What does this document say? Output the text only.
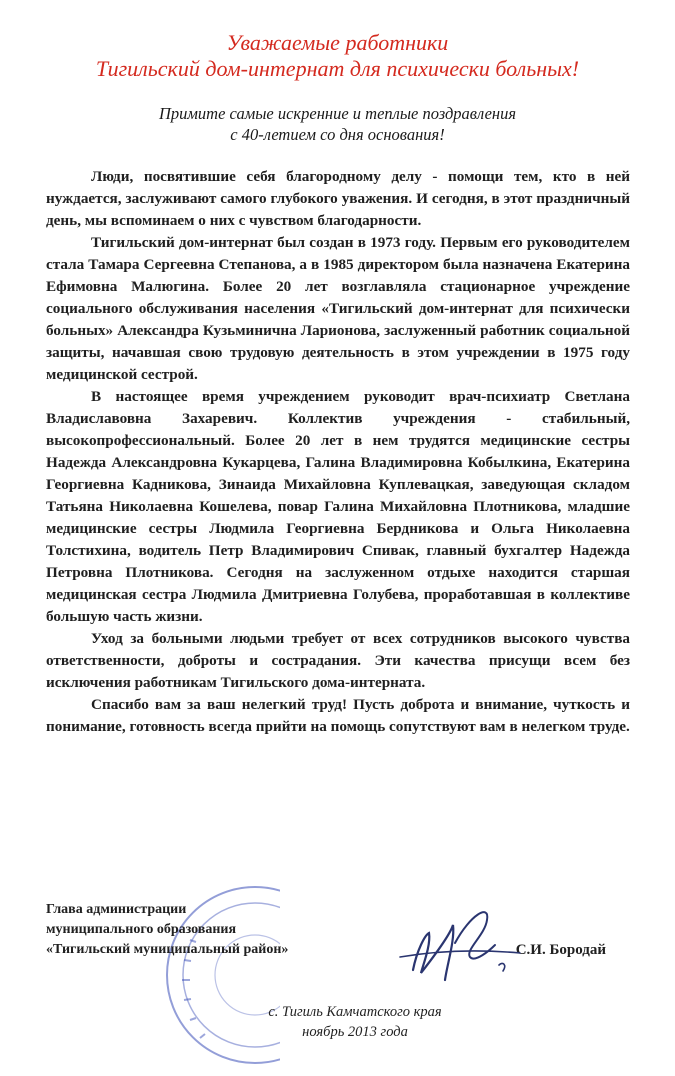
Уважаемые работники
Тигильский дом-интернат для психически больных!
Примите самые искренние и теплые поздравления
с 40-летием со дня основания!

Люди, посвятившие себя благородному делу - помощи тем, кто в ней нуждается, заслуживают самого глубокого уважения. И сегодня, в этот праздничный день, мы вспоминаем о них с чувством благодарности.

Тигильский дом-интернат был создан в 1973 году. Первым его руководителем стала Тамара Сергеевна Степанова, а в 1985 директором была назначена Екатерина Ефимовна Малюгина. Более 20 лет возглавляла стационарное учреждение социального обслуживания населения «Тигильский дом-интернат для психически больных» Александра Кузьминична Ларионова, заслуженный работник социальной защиты, начавшая свою трудовую деятельность в этом учреждении в 1975 году медицинской сестрой.

В настоящее время учреждением руководит врач-психиатр Светлана Владиславовна Захаревич. Коллектив учреждения - стабильный, высокопрофессиональный. Более 20 лет в нем трудятся медицинские сестры Надежда Александровна Кукарцева, Галина Владимировна Кобылкина, Екатерина Георгиевна Кадникова, Зинаида Михайловна Куплевацкая, заведующая складом Татьяна Николаевна Кошелева, повар Галина Михайловна Плотникова, младшие медицинские сестры Людмила Георгиевна Бердникова и Ольга Николаевна Толстихина, водитель Петр Владимирович Спивак, главный бухгалтер Надежда Петровна Плотникова. Сегодня на заслуженном отдыхе находится старшая медицинская сестра Людмила Дмитриевна Голубева, проработавшая в коллективе большую часть жизни.

Уход за больными людьми требует от всех сотрудников высокого чувства ответственности, доброты и сострадания. Эти качества присущи всем без исключения работникам Тигильского дома-интерната.

Спасибо вам за ваш нелегкий труд! Пусть доброта и внимание, чуткость и понимание, готовность всегда прийти на помощь сопутствуют вам в нелегком труде.

Глава администрации
муниципального образования
«Тигильский муниципальный район»	С.И. Бородай
с. Тигиль Камчатского края
ноябрь 2013 года
